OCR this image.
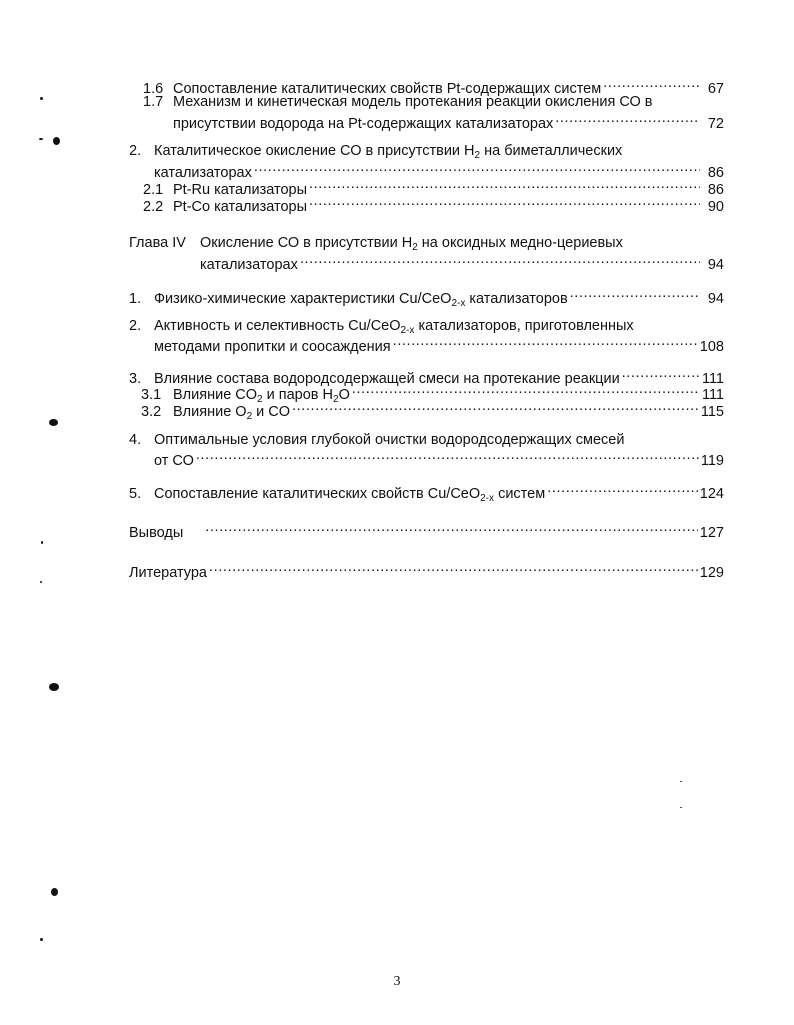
1.6 Сопоставление каталитических свойств Pt-содержащих систем .....	67
1.7 Механизм и кинетическая модель протекания реакции окисления СО в
присутствии водорода на Pt-содержащих катализаторах .....	72
2. Каталитическое окисление СО в присутствии $H_2$ на биметаллических
катализаторах .....	86
2.1 Pt-Ru катализаторы .....	86
2.2 Pt-Co катализаторы .....	90
Глава IV Окисление СО в присутствии $H_2$ на оксидных медно-цериевых
катализаторах .....	94
1. Физико-химические характеристики Cu/CeO$_{2-x}$ катализаторов .....	94
2. Активность и селективность Cu/CeO$_{2-x}$ катализаторов, приготовленных
методами пропитки и соосаждения .....	108
3. Влияние состава водородсодержащей смеси на протекание реакции .....	111
3.1 Влияние $CO_2$ и паров $H_2O$ .....	111
3.2 Влияние $O_2$ и CO .....	115
4. Оптимальные условия глубокой очистки водородсодержащих смесей
от СО .....	119
5. Сопоставление каталитических свойств Cu/CeO$_{2-x}$ систем .....	124
Выводы .....	127
Литература .....	129
3
